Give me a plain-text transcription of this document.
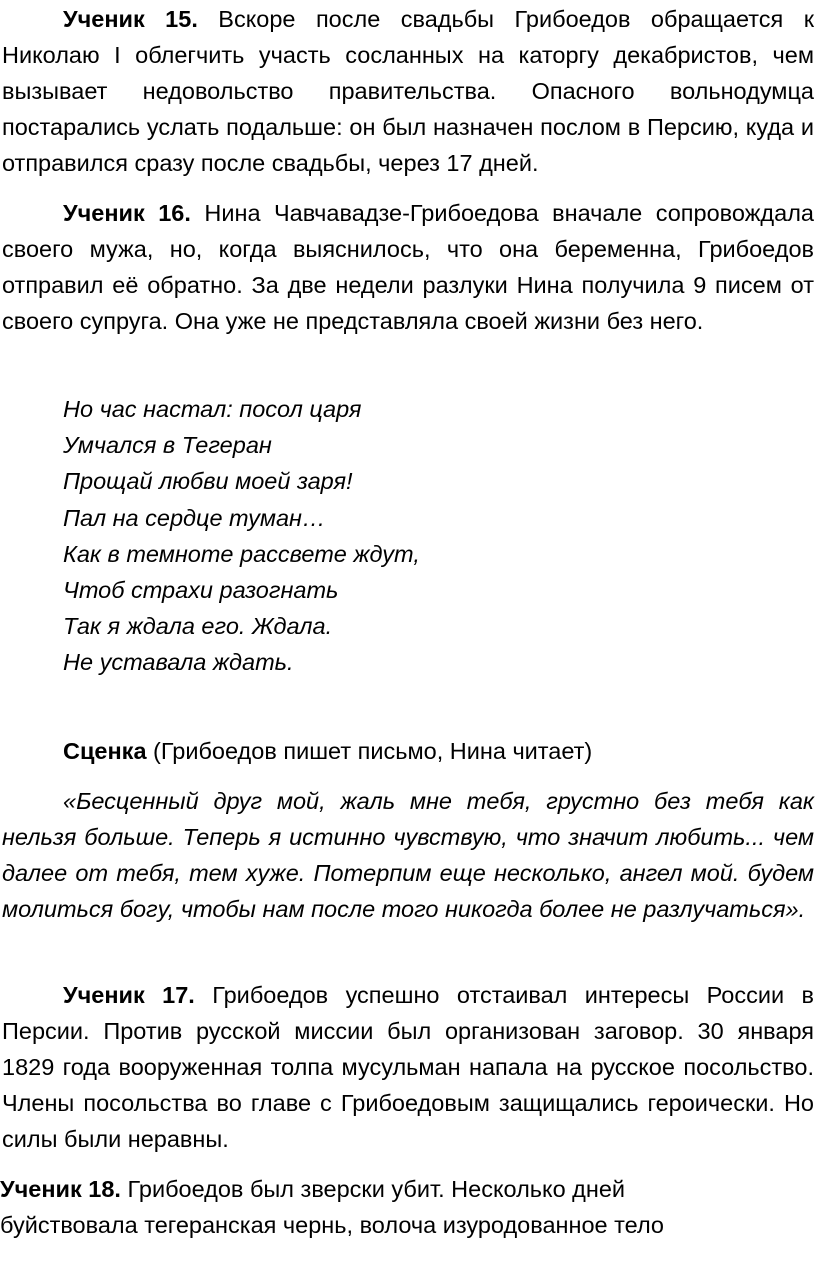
Ученик 15. Вскоре после свадьбы Грибоедов обращается к Николаю I облегчить участь сосланных на каторгу декабристов, чем вызывает недовольство правительства. Опасного вольнодумца постарались услать подальше: он был назначен послом в Персию, куда и отправился сразу после свадьбы, через 17 дней.

Ученик 16. Нина Чавчавадзе-Грибоедова вначале сопровождала своего мужа, но, когда выяснилось, что она беременна, Грибоедов отправил её обратно. За две недели разлуки Нина получила 9 писем от своего супруга. Она уже не представляла своей жизни без него.

Но час настал: посол царя
Умчался в Тегеран
Прощай любви моей заря!
Пал на сердце туман…
Как в темноте рассвете ждут,
Чтоб страхи разогнать
Так я ждала его. Ждала.
Не уставала ждать.

Сценка (Грибоедов пишет письмо, Нина читает)

«Бесценный друг мой, жаль мне тебя, грустно без тебя как нельзя больше. Теперь я истинно чувствую, что значит любить... чем далее от тебя, тем хуже. Потерпим еще несколько, ангел мой. будем молиться богу, чтобы нам после того никогда более не разлучаться».

Ученик 17. Грибоедов успешно отстаивал интересы России в Персии. Против русской миссии был организован заговор. 30 января 1829 года вооруженная толпа мусульман напала на русское посольство. Члены посольства во главе с Грибоедовым защищались героически. Но силы были неравны.

Ученик 18. Грибоедов был зверски убит. Несколько дней буйствовала тегеранская чернь, волоча изуродованное тело
